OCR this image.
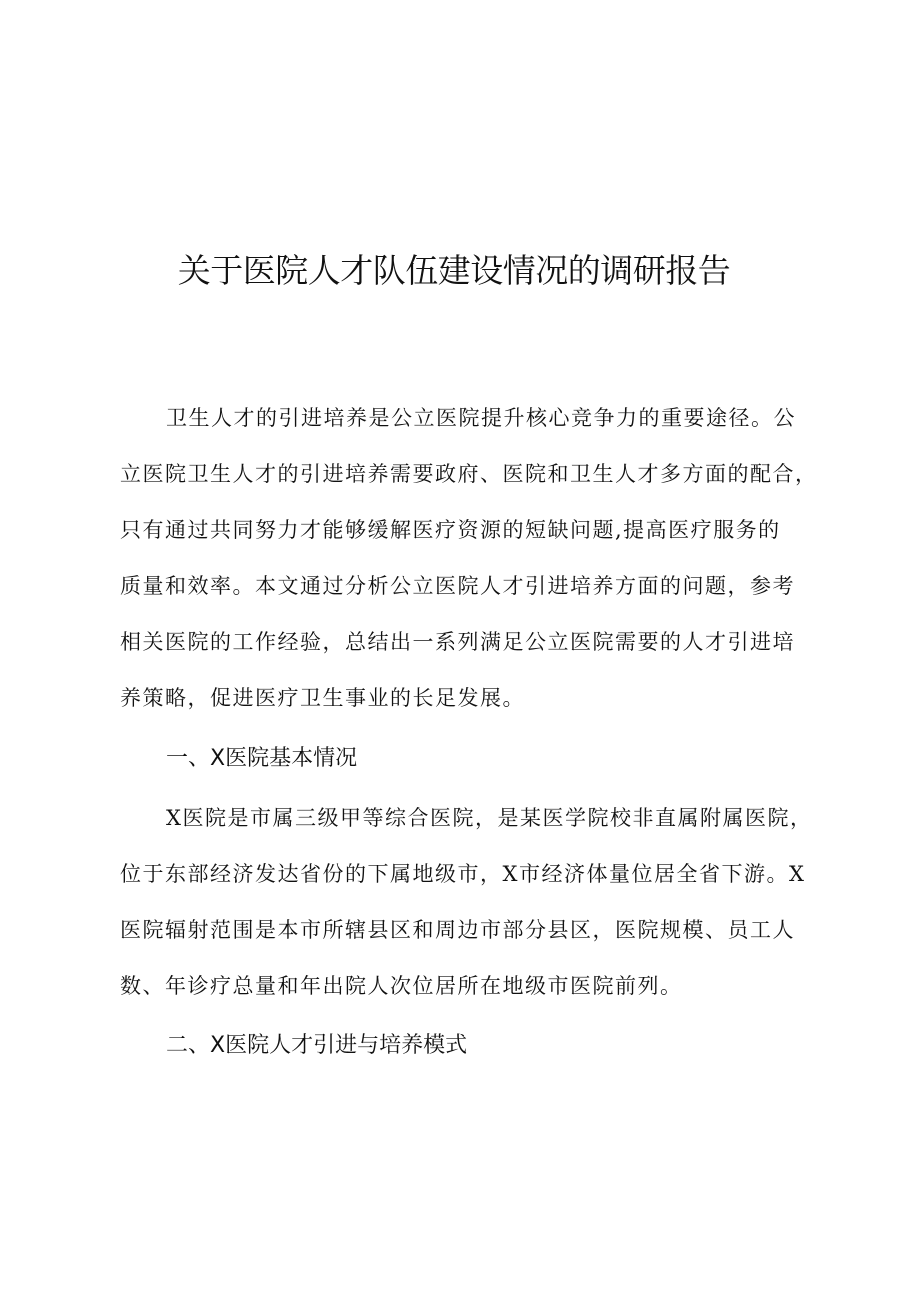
关于医院人才队伍建设情况的调研报告
卫生人才的引进培养是公立医院提升核心竞争力的重要途径。公
立医院卫生人才的引进培养需要政府、医院和卫生人才多方面的配合，
只有通过共同努力才能够缓解医疗资源的短缺问题,提高医疗服务的
质量和效率。本文通过分析公立医院人才引进培养方面的问题，参考
相关医院的工作经验，总结出一系列满足公立医院需要的人才引进培
养策略，促进医疗卫生事业的长足发展。
一、X医院基本情况
X医院是市属三级甲等综合医院，是某医学院校非直属附属医院，
位于东部经济发达省份的下属地级市，X市经济体量位居全省下游。X
医院辐射范围是本市所辖县区和周边市部分县区，医院规模、员工人
数、年诊疗总量和年出院人次位居所在地级市医院前列。
二、X医院人才引进与培养模式
